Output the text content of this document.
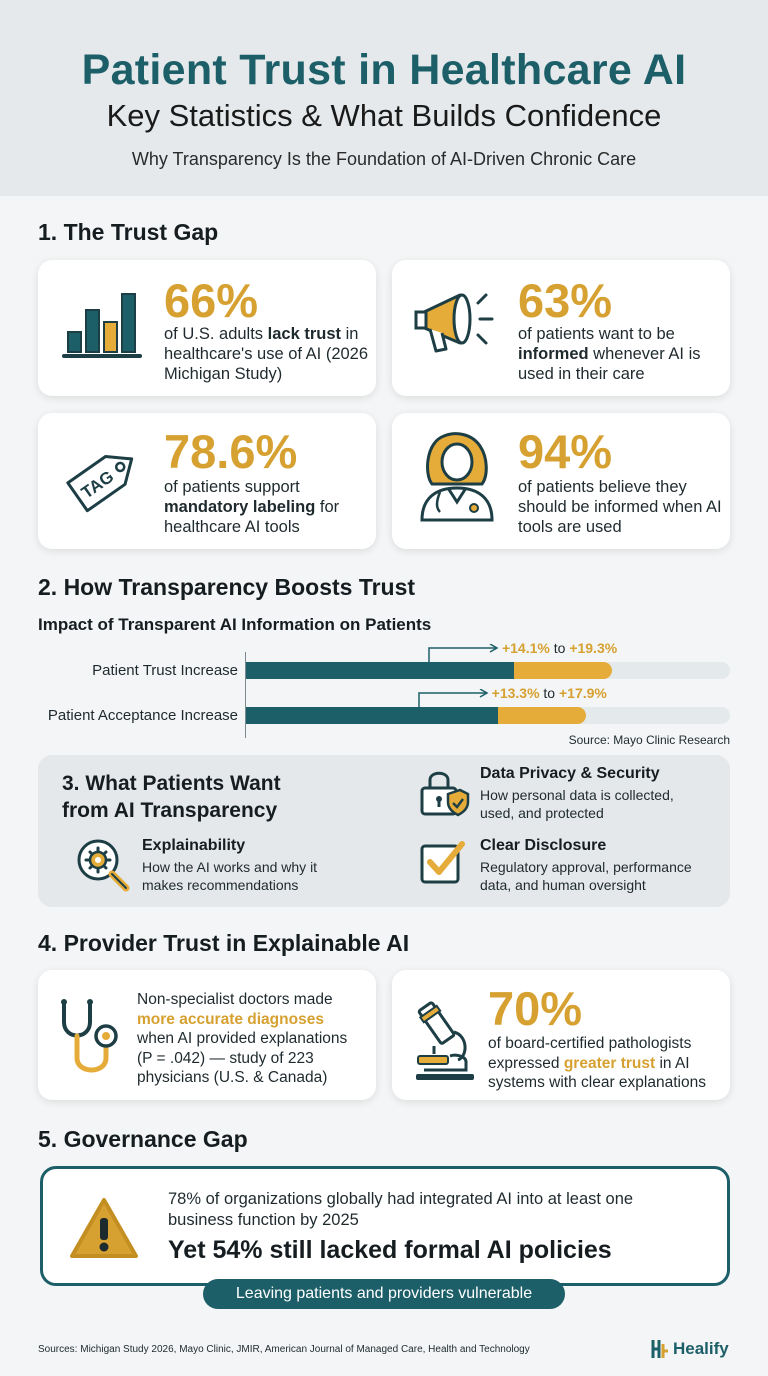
Patient Trust in Healthcare AI
Key Statistics & What Builds Confidence
Why Transparency Is the Foundation of AI-Driven Chronic Care
1. The Trust Gap
66%
of U.S. adults lack trust in healthcare's use of AI (2026 Michigan Study)
63%
of patients want to be informed whenever AI is used in their care
TAG
78.6%
of patients support mandatory labeling for healthcare AI tools
94%
of patients believe they should be informed when AI tools are used
2. How Transparency Boosts Trust
Impact of Transparent AI Information on Patients
Patient Trust Increase
+14.1% to +19.3%
Patient Acceptance Increase
+13.3% to +17.9%
Source: Mayo Clinic Research
3. What Patients Want
from AI Transparency
Data Privacy & Security
How personal data is collected,
used, and protected
Explainability
How the AI works and why it
makes recommendations
Clear Disclosure
Regulatory approval, performance
data, and human oversight
4. Provider Trust in Explainable AI
Non-specialist doctors made
more accurate diagnoses
when AI provided explanations
(P = .042) — study of 223
physicians (U.S. & Canada)
70%
of board-certified pathologists
expressed greater trust in AI
systems with clear explanations
5. Governance Gap
78% of organizations globally had integrated AI into at least one
business function by 2025
Yet 54% still lacked formal AI policies
Leaving patients and providers vulnerable
Sources: Michigan Study 2026, Mayo Clinic, JMIR, American Journal of Managed Care, Health and Technology	Healify
